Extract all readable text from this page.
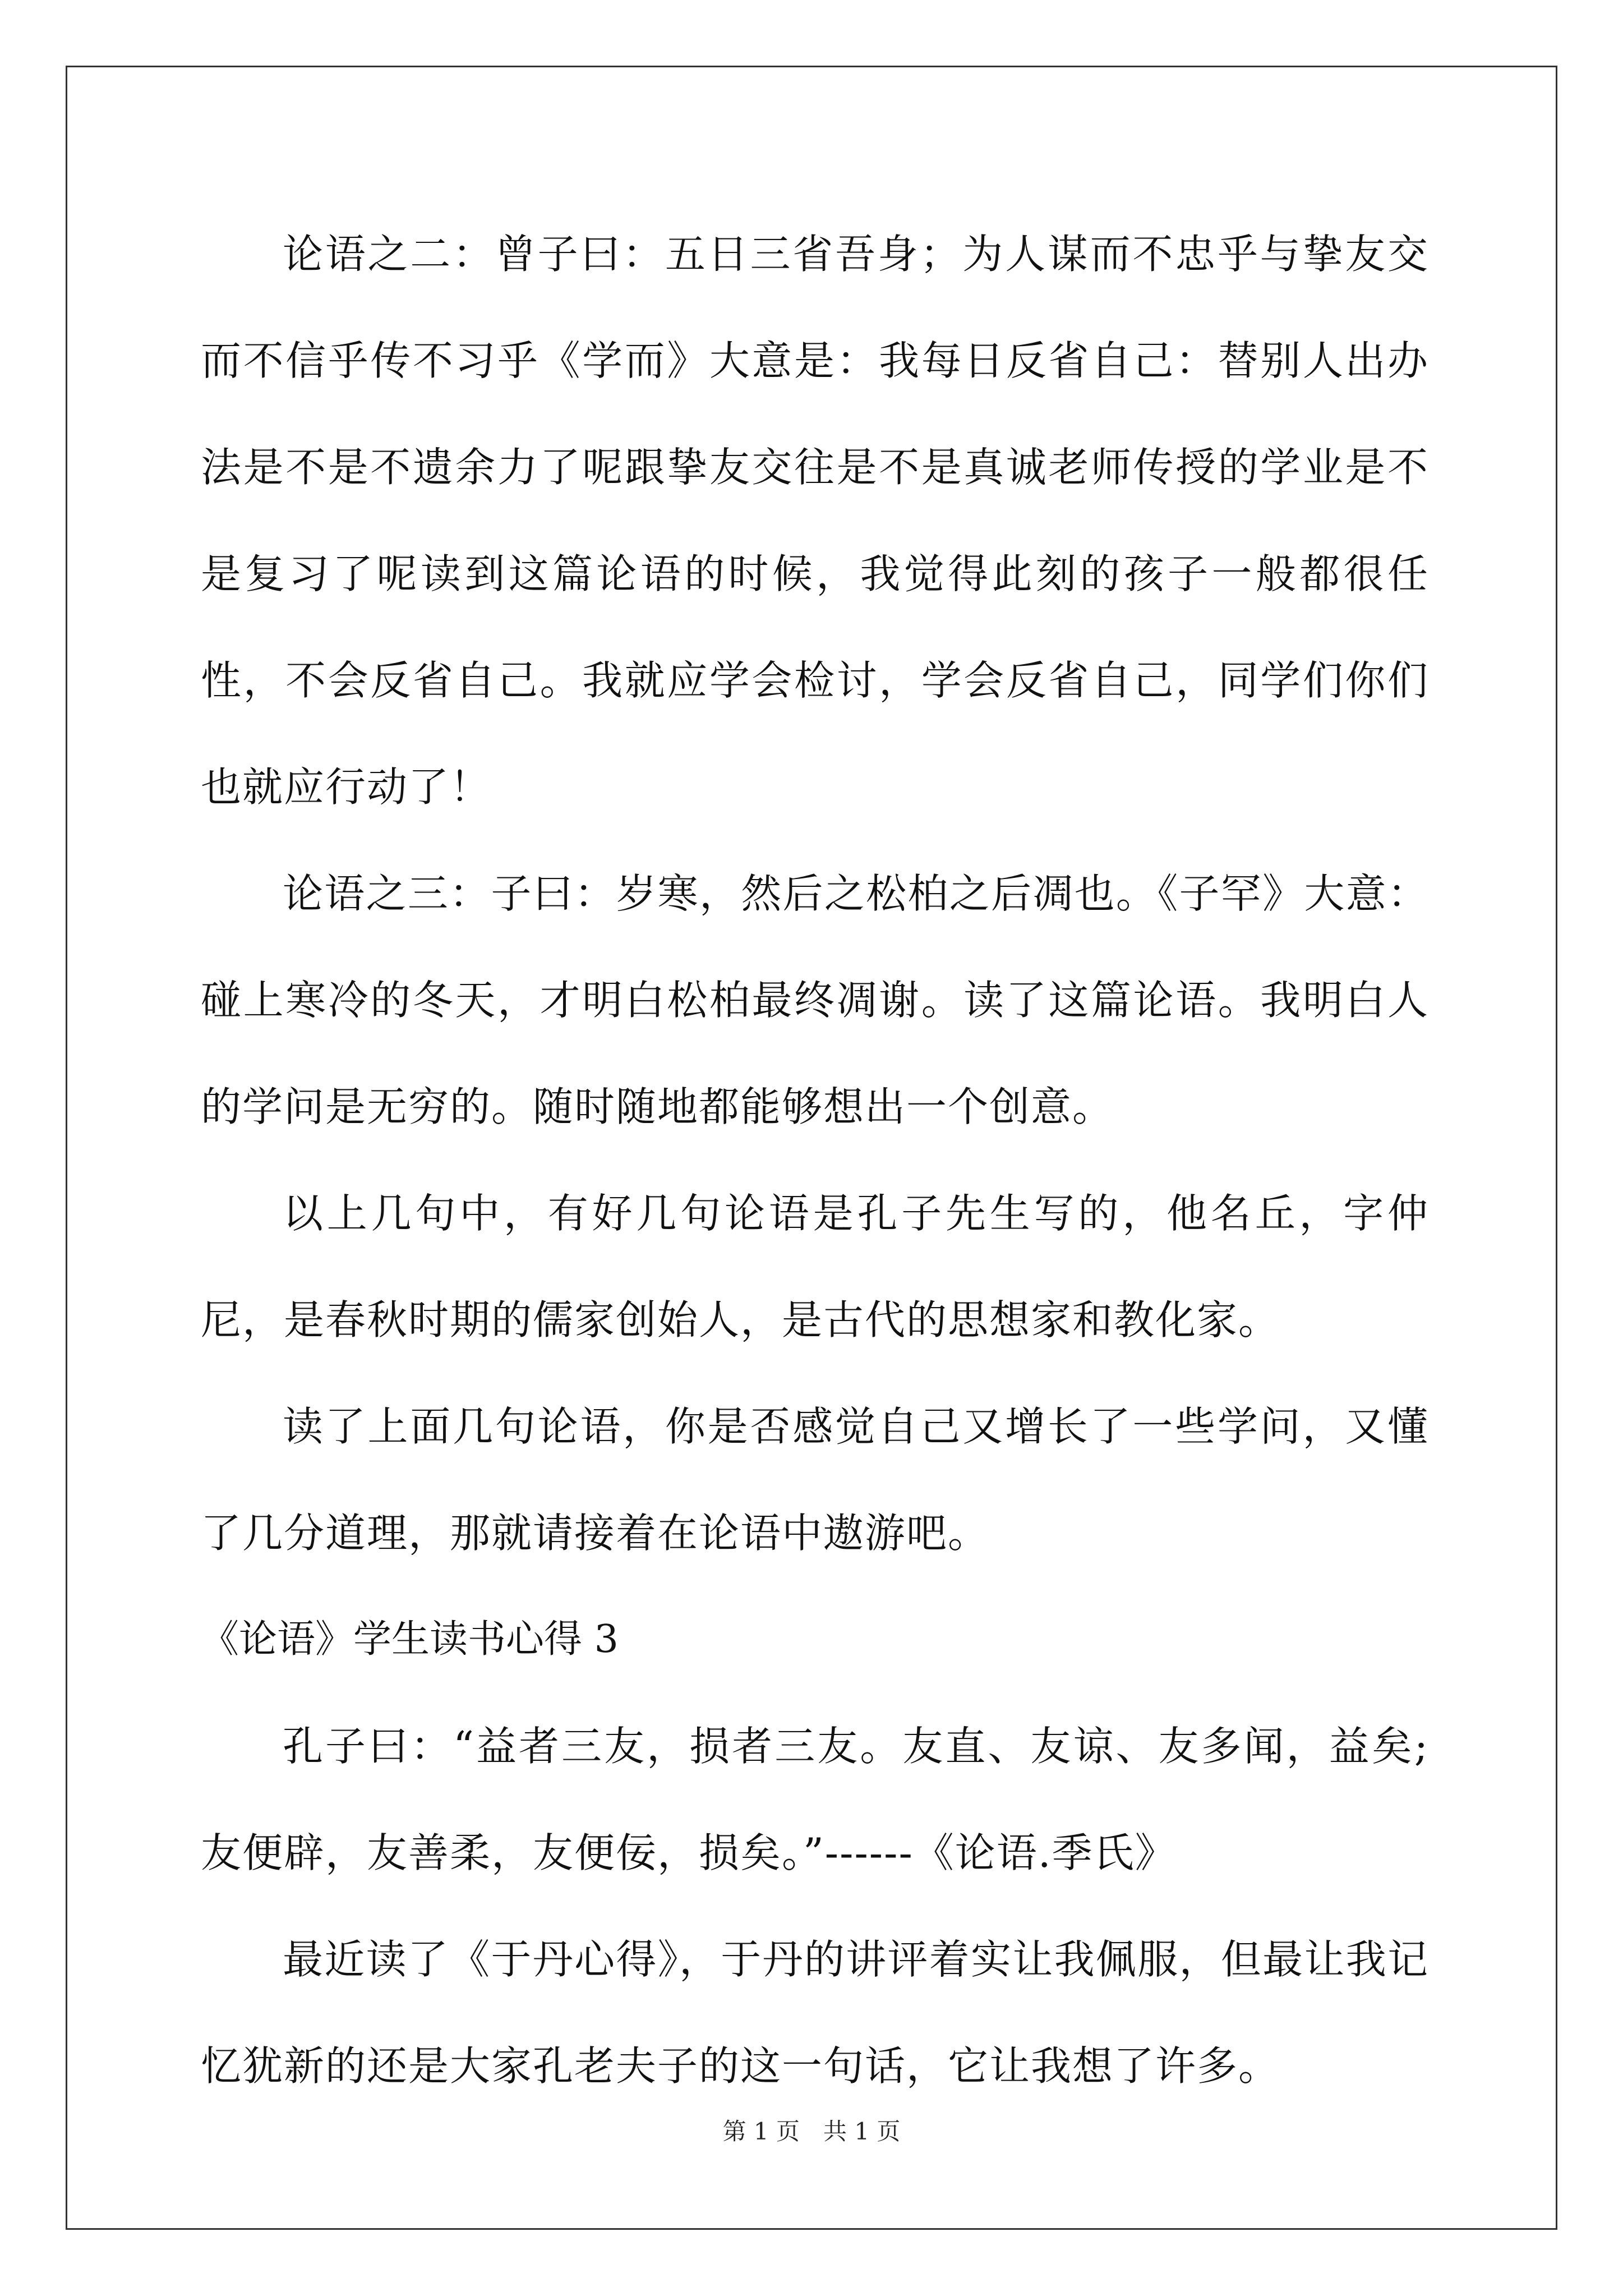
论语之二：曾子曰：五日三省吾身；为人谋而不忠乎与挚友交而不信乎传不习乎《学而》大意是：我每日反省自己：替别人出办法是不是不遗余力了呢跟挚友交往是不是真诚老师传授的学业是不是复习了呢读到这篇论语的时候，我觉得此刻的孩子一般都很任性，不会反省自己。我就应学会检讨，学会反省自己，同学们你们也就应行动了！

论语之三：子曰：岁寒，然后之松柏之后凋也。《子罕》大意：碰上寒冷的冬天，才明白松柏最终凋谢。读了这篇论语。我明白人的学问是无穷的。随时随地都能够想出一个创意。

以上几句中，有好几句论语是孔子先生写的，他名丘，字仲尼，是春秋时期的儒家创始人，是古代的思想家和教化家。

读了上面几句论语，你是否感觉自己又增长了一些学问，又懂了几分道理，那就请接着在论语中遨游吧。

《论语》学生读书心得 3

孔子曰：“益者三友，损者三友。友直、友谅、友多闻，益矣;友便辟，友善柔，友便佞，损矣。”------《论语.季氏》

最近读了《于丹心得》，于丹的讲评着实让我佩服，但最让我记忆犹新的还是大家孔老夫子的这一句话，它让我想了许多。

第 1 页　共 1 页
